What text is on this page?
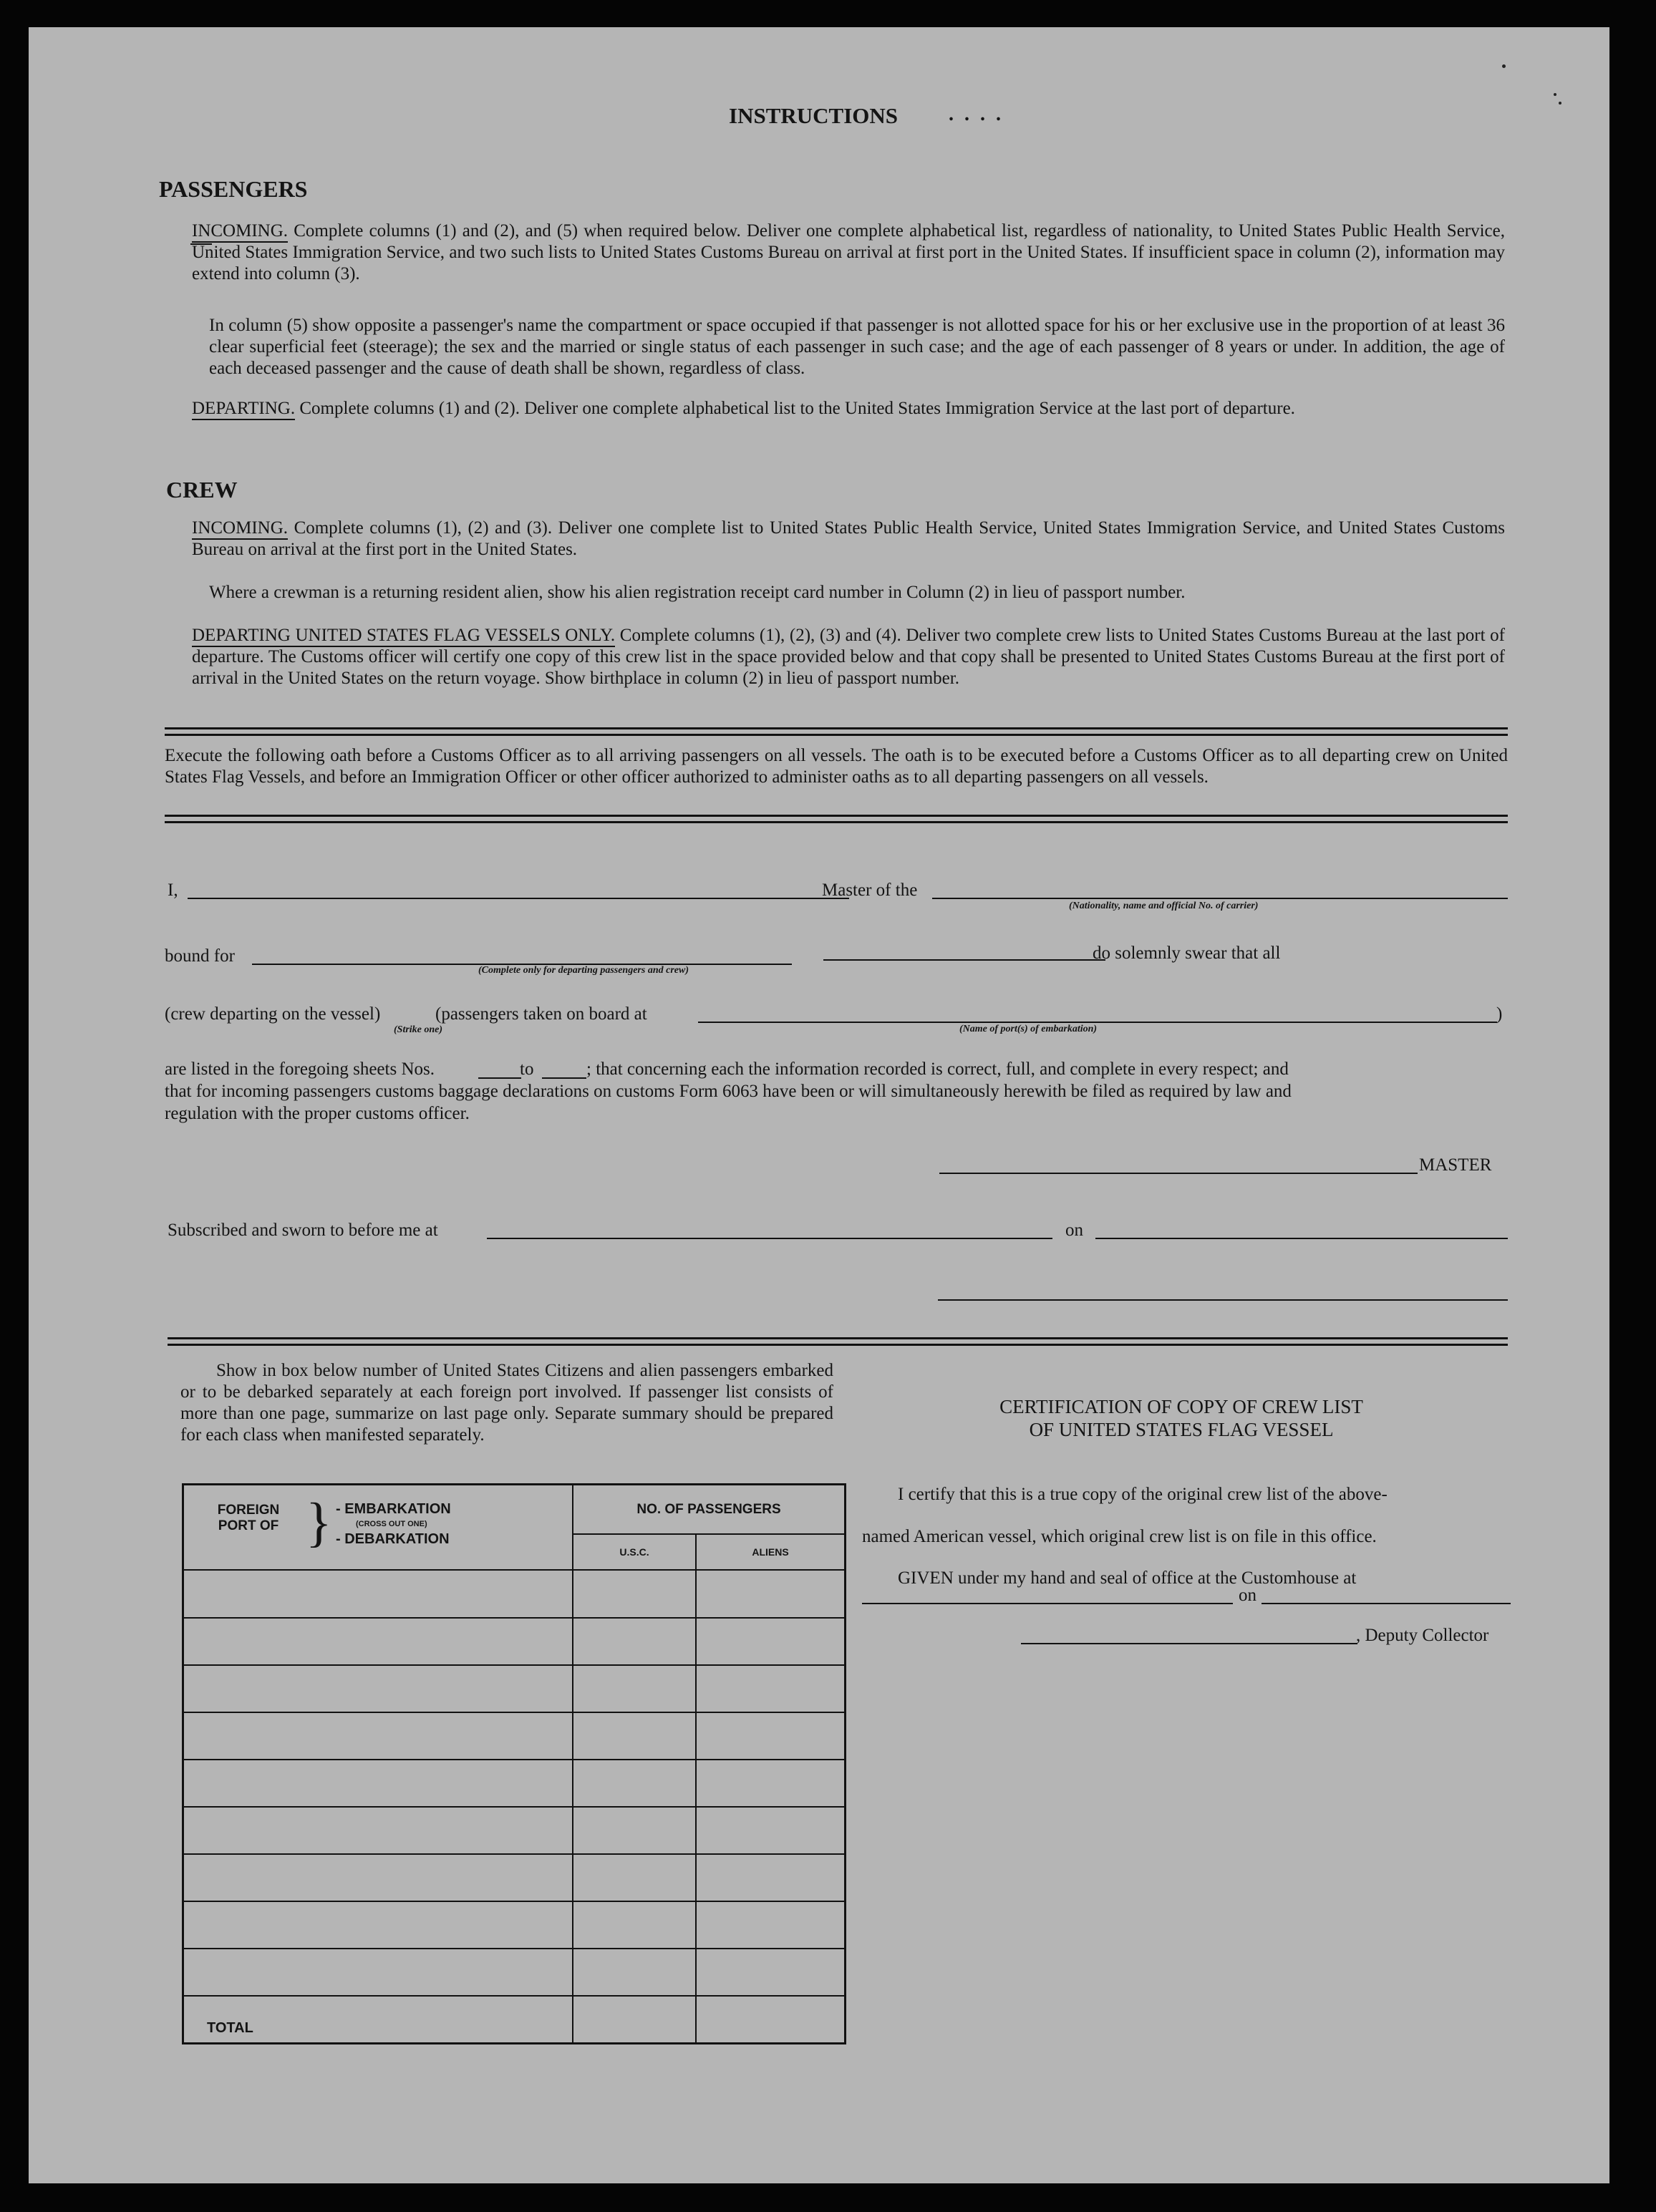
INSTRUCTIONS	. . . .
PASSENGERS
INCOMING. Complete columns (1) and (2), and (5) when required below. Deliver one complete alphabetical list, regardless of nationality, to United States Public Health Service, United States Immigration Service, and two such lists to United States Customs Bureau on arrival at first port in the United States. If insufficient space in column (2), information may extend into column (3).
In column (5) show opposite a passenger's name the compartment or space occupied if that passenger is not allotted space for his or her exclusive use in the proportion of at least 36 clear superficial feet (steerage); the sex and the married or single status of each passenger in such case; and the age of each passenger of 8 years or under. In addition, the age of each deceased passenger and the cause of death shall be shown, regardless of class.
DEPARTING. Complete columns (1) and (2). Deliver one complete alphabetical list to the United States Immigration Service at the last port of departure.
CREW
INCOMING. Complete columns (1), (2) and (3). Deliver one complete list to United States Public Health Service, United States Immigration Service, and United States Customs Bureau on arrival at the first port in the United States.
Where a crewman is a returning resident alien, show his alien registration receipt card number in Column (2) in lieu of passport number.
DEPARTING UNITED STATES FLAG VESSELS ONLY. Complete columns (1), (2), (3) and (4). Deliver two complete crew lists to United States Customs Bureau at the last port of departure. The Customs officer will certify one copy of this crew list in the space provided below and that copy shall be presented to United States Customs Bureau at the first port of arrival in the United States on the return voyage. Show birthplace in column (2) in lieu of passport number.
Execute the following oath before a Customs Officer as to all arriving passengers on all vessels. The oath is to be executed before a Customs Officer as to all departing crew on United States Flag Vessels, and before an Immigration Officer or other officer authorized to administer oaths as to all departing passengers on all vessels.
I,	Master of the
(Nationality, name and official No. of carrier)
bound for
(Complete only for departing passengers and crew)
do solemnly swear that all
(crew departing on the vessel)	(passengers taken on board at
(Strike one)
)
(Name of port(s) of embarkation)
are listed in the foregoing sheets Nos.	to	; that concerning each the information recorded is correct, full, and complete in every respect; and
that for incoming passengers customs baggage declarations on customs Form 6063 have been or will simultaneously herewith be filed as required by law and
regulation with the proper customs officer.
MASTER
Subscribed and sworn to before me at	on
Show in box below number of United States Citizens and alien passengers embarked or to be debarked separately at each foreign port involved. If passenger list consists of more than one page, summarize on last page only. Separate summary should be prepared for each class when manifested separately.
FOREIGN PORT OF } - EMBARKATION
(CROSS OUT ONE)
- DEBARKATION	NO. OF PASSENGERS	
	U.S.C.	ALIENS

TOTAL		

CERTIFICATION OF COPY OF CREW LIST
OF UNITED STATES FLAG VESSEL
I certify that this is a true copy of the original crew list of the above-
named American vessel, which original crew list is on file in this office.
GIVEN under my hand and seal of office at the Customhouse at
on
, Deputy Collector
